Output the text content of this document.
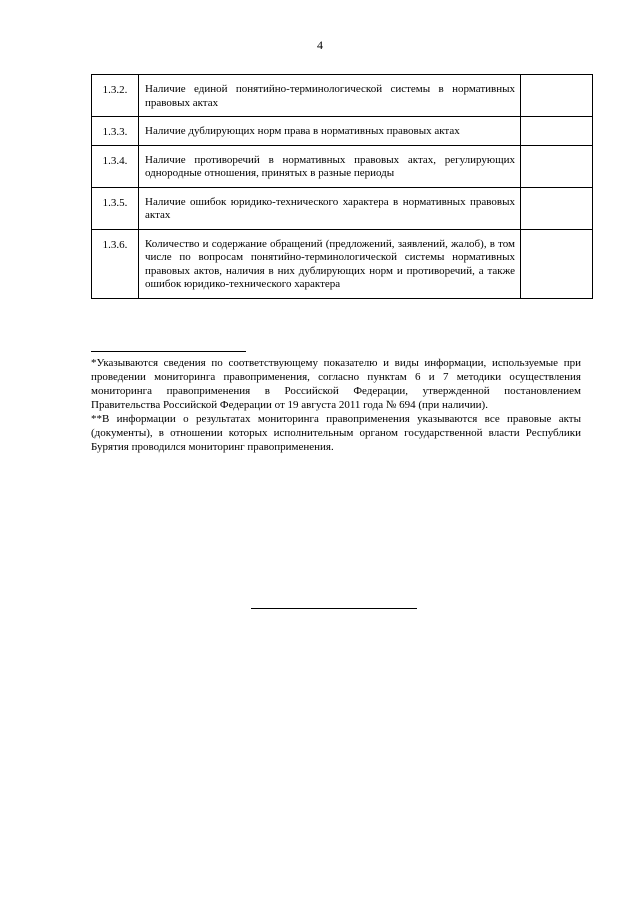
4
1.3.2.	Наличие единой понятийно-терминологической системы в нормативных правовых актах	
1.3.3.	Наличие дублирующих норм права в нормативных правовых актах	
1.3.4.	Наличие противоречий в нормативных правовых актах, регулирующих однородные отношения, принятых в разные периоды	
1.3.5.	Наличие ошибок юридико-технического характера в нормативных правовых актах	
1.3.6.	Количество и содержание обращений (предложений, заявлений, жалоб), в том числе по вопросам понятийно-терминологической системы нормативных правовых актов, наличия в них дублирующих норм и противоречий, а также ошибок юридико-технического характера	

*Указываются сведения по соответствующему показателю и виды информации, используемые при проведении мониторинга правоприменения, согласно пунктам 6 и 7 методики осуществления мониторинга правоприменения в Российской Федерации, утвержденной постановлением Правительства Российской Федерации от 19 августа 2011 года № 694 (при наличии).

**В информации о результатах мониторинга правоприменения указываются все правовые акты (документы), в отношении которых исполнительным органом государственной власти Республики Бурятия проводился мониторинг правоприменения.
